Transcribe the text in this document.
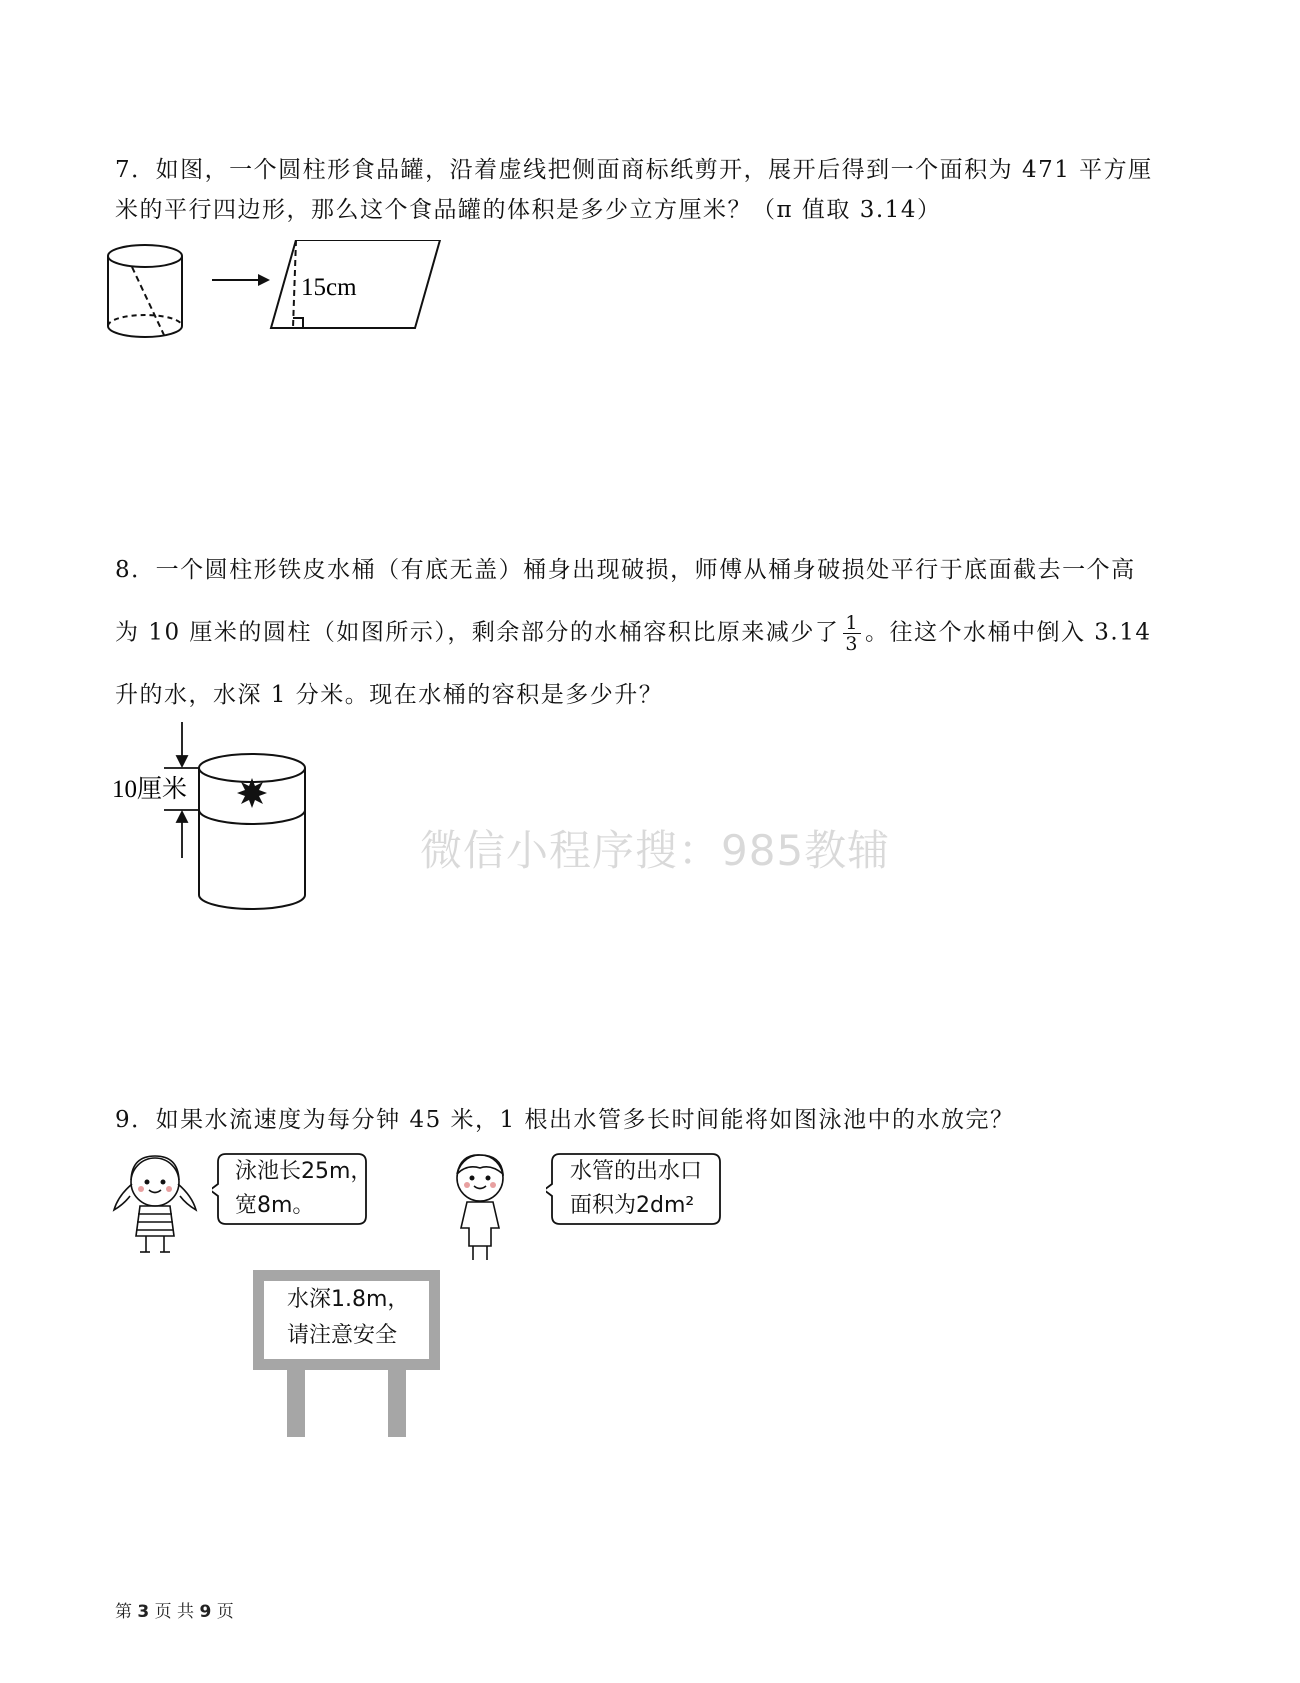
7．如图，一个圆柱形食品罐，沿着虚线把侧面商标纸剪开，展开后得到一个面积为 471 平方厘
米的平行四边形，那么这个食品罐的体积是多少立方厘米？（π 值取 3.14）
15cm
8．一个圆柱形铁皮水桶（有底无盖）桶身出现破损，师傅从桶身破损处平行于底面截去一个高
为 10 厘米的圆柱（如图所示），剩余部分的水桶容积比原来减少了 $\frac{1}{3}$ 。往这个水桶中倒入 3.14
升的水，水深 1 分米。现在水桶的容积是多少升？
10厘米
微信小程序搜：985教辅
9．如果水流速度为每分钟 45 米，1 根出水管多长时间能将如图泳池中的水放完？
泳池长25m，
宽8m。
水管的出水口
面积为2dm²
水深1.8m，
请注意安全
第 3 页 共 9 页
